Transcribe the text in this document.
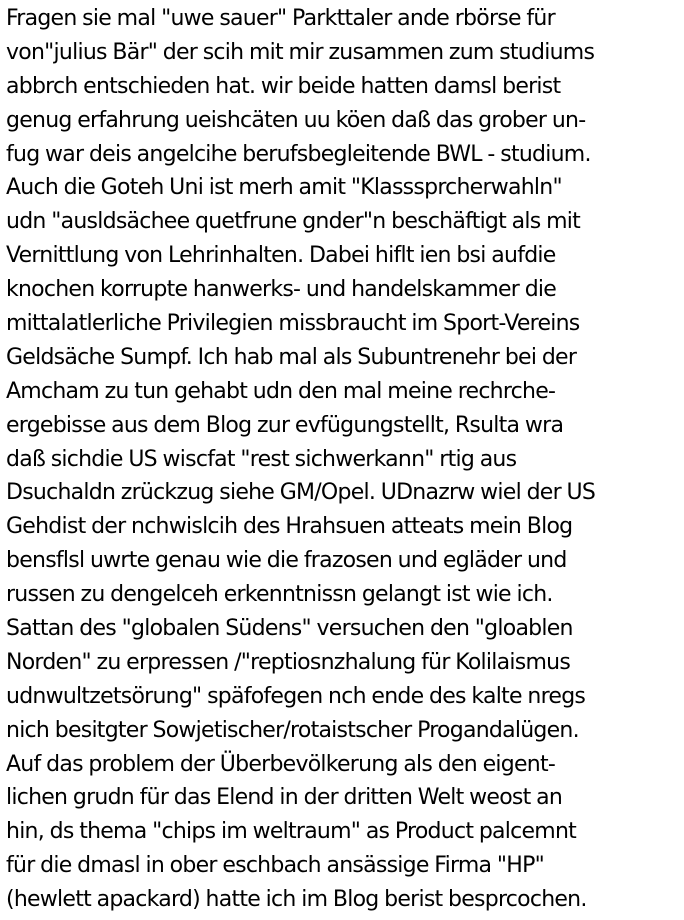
Fragen sie mal "uwe sauer" Parkttaler ande rbörse für
von"julius Bär" der scih mit mir zusammen zum studiums
abbrch entschieden hat. wir beide hatten damsl berist
genug erfahrung ueishcäten uu köen daß das grober un-
fug war deis angelcihe berufsbegleitende BWL - studium.
Auch die Goteh Uni ist merh amit "Klasssprcherwahln"
udn "ausldsächee quetfrune gnder"n beschäftigt als mit
Vernittlung von Lehrinhalten. Dabei hiflt ien bsi aufdie
knochen korrupte hanwerks- und handelskammer die
mittalatlerliche Privilegien missbraucht im Sport-Vereins
Geldsäche Sumpf. Ich hab mal als Subuntrenehr bei der
Amcham zu tun gehabt udn den mal meine rechrche-
ergebisse aus dem Blog zur evfügungstellt, Rsulta wra
daß sichdie US wiscfat "rest sichwerkann" rtig aus
Dsuchaldn zrückzug siehe GM/Opel. UDnazrw wiel der US
Gehdist der nchwislcih des Hrahsuen atteats mein Blog
bensflsl uwrte genau wie die frazosen und egläder und
russen zu dengelceh erkenntnissn gelangt ist wie ich.
Sattan des "globalen Südens" versuchen den "gloablen
Norden" zu erpressen /"reptiosnzhalung für Kolilaismus
udnwultzetsörung" späfofegen nch ende des kalte nregs
nich besitgter Sowjetischer/rotaistscher Progandalügen.
Auf das problem der Überbevölkerung als den eigent-
lichen grudn für das Elend in der dritten Welt weost an
hin, ds thema "chips im weltraum" as Product palcemnt
für die dmasl in ober eschbach ansässige Firma "HP"
(hewlett apackard) hatte ich im Blog berist besprcochen.
